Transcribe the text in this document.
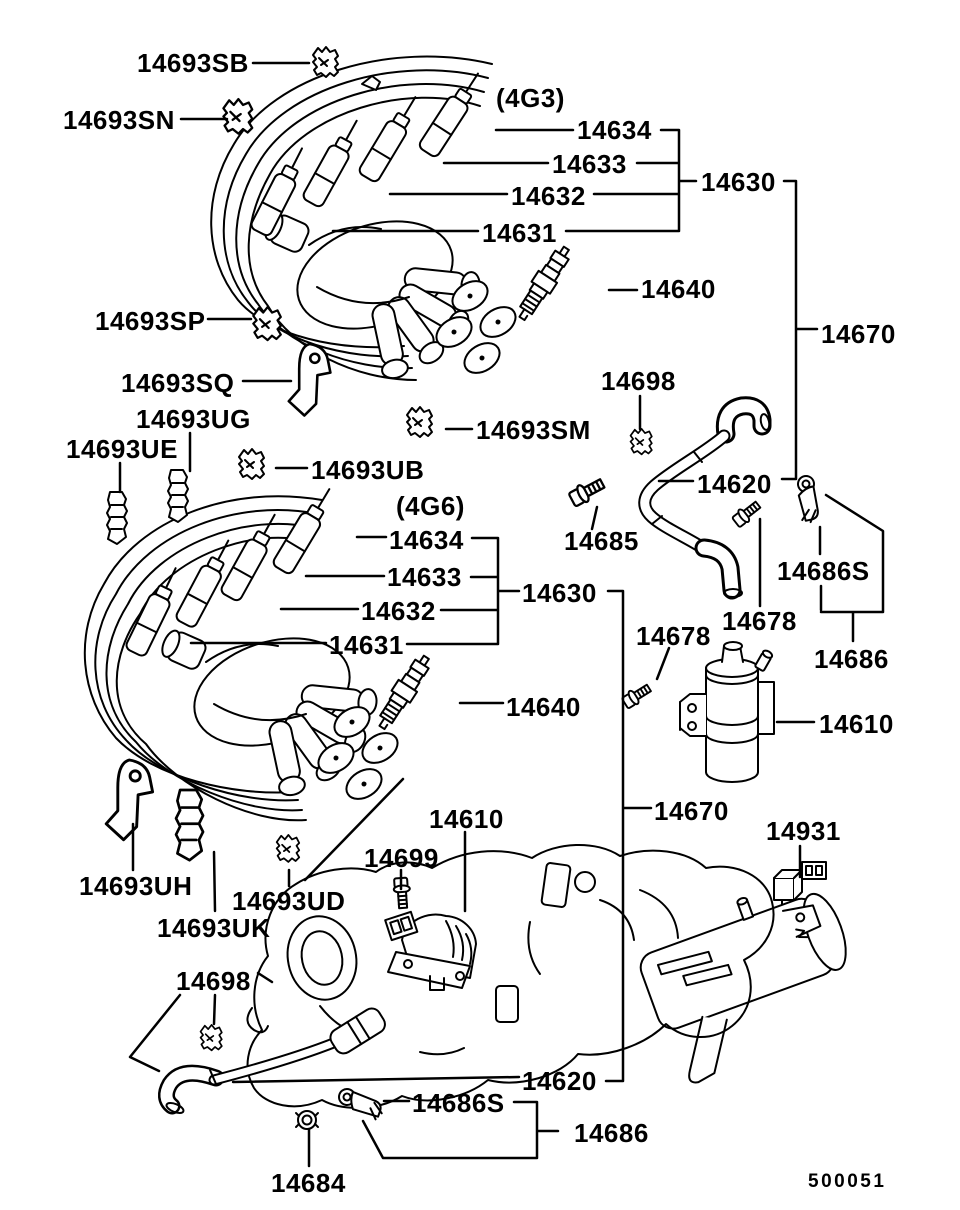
14693SB
14693SN
(4G3)
14634
14633
14632
14631
14630
14640
14670
14693SP
14693SQ
14693UG
14693UE
14693SM
14693UB
(4G6)
14634
14633
14632
14631
14630
14640
14670
14698
14620
14685
14686S
14678
14678
14686
14610
14931
14610
14699
14693UH 14693UD
14693UK
14698
14620
14686S
14686
14684	500051
